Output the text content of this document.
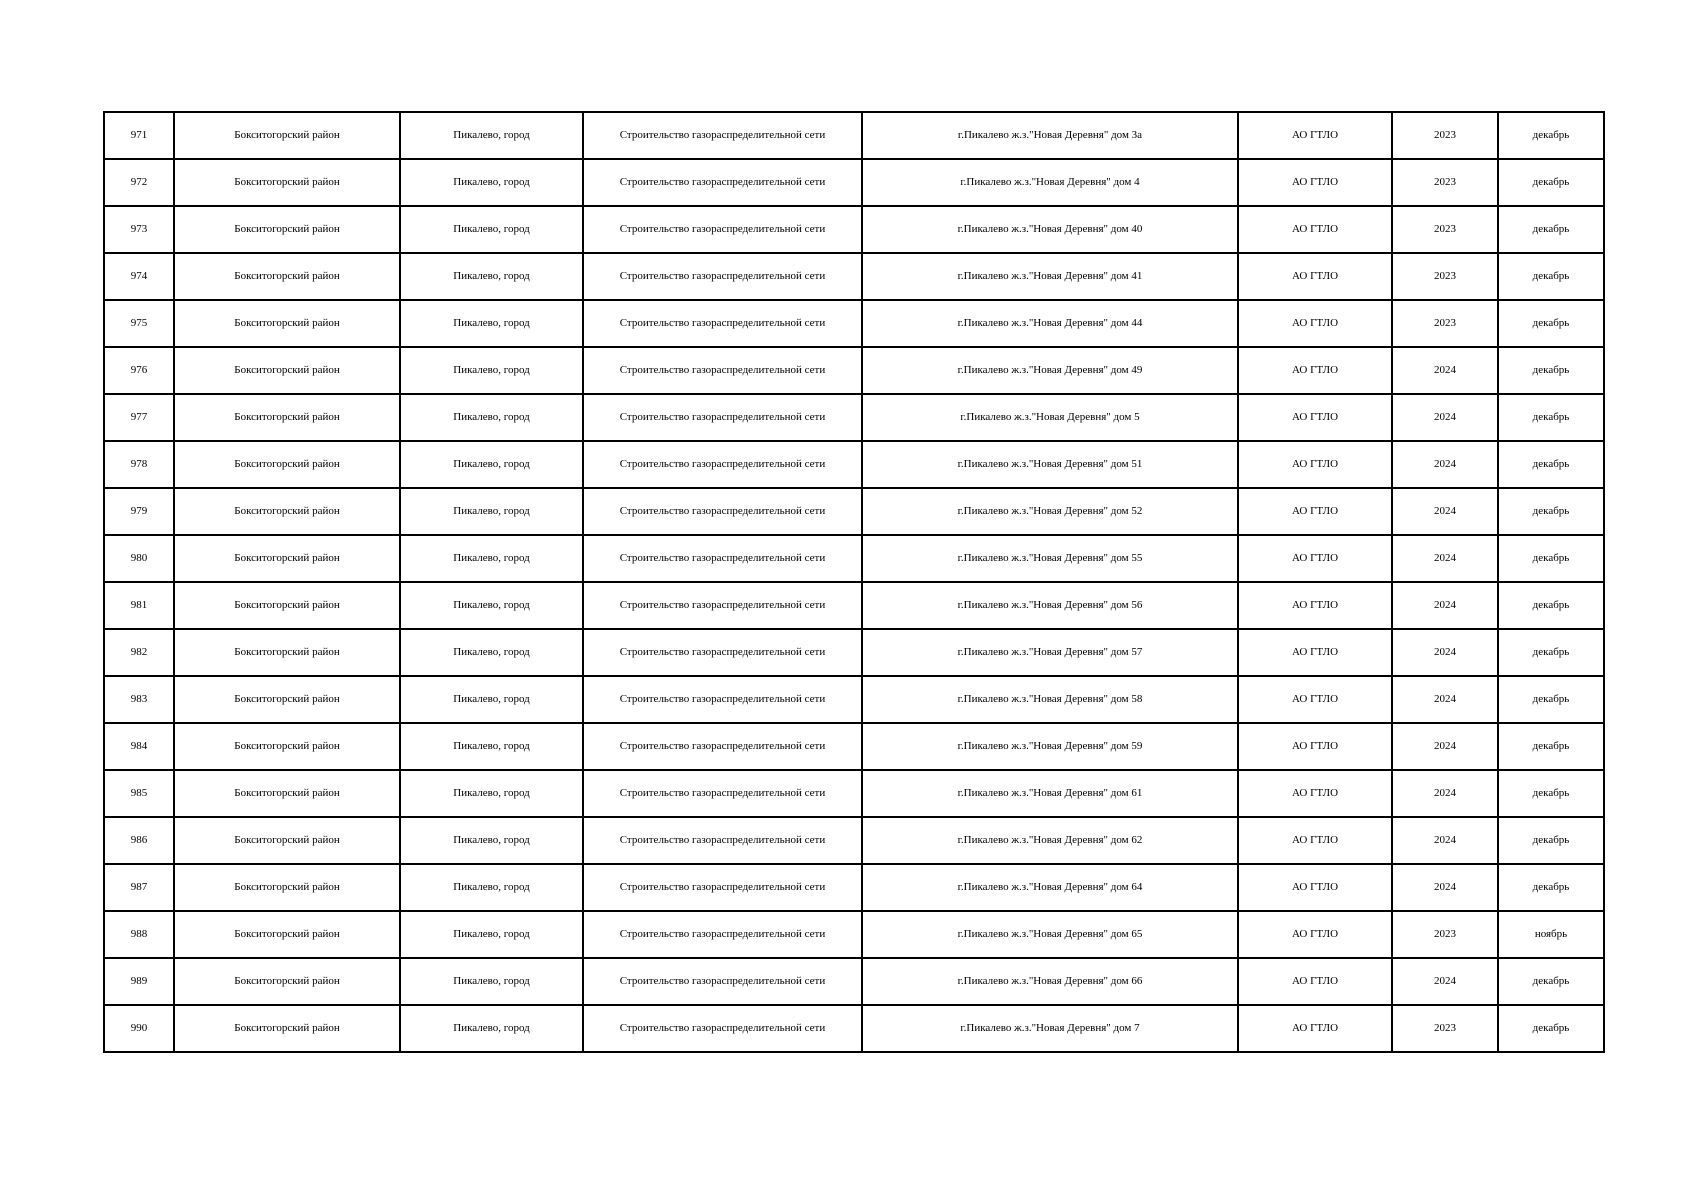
971	Бокситогорский район	Пикалево, город	Строительство газораспределительной сети	г.Пикалево ж.з."Новая Деревня" дом 3а	АО ГТЛО	2023	декабрь
972	Бокситогорский район	Пикалево, город	Строительство газораспределительной сети	г.Пикалево ж.з."Новая Деревня" дом 4	АО ГТЛО	2023	декабрь
973	Бокситогорский район	Пикалево, город	Строительство газораспределительной сети	г.Пикалево ж.з."Новая Деревня" дом 40	АО ГТЛО	2023	декабрь
974	Бокситогорский район	Пикалево, город	Строительство газораспределительной сети	г.Пикалево ж.з."Новая Деревня" дом 41	АО ГТЛО	2023	декабрь
975	Бокситогорский район	Пикалево, город	Строительство газораспределительной сети	г.Пикалево ж.з."Новая Деревня" дом 44	АО ГТЛО	2023	декабрь
976	Бокситогорский район	Пикалево, город	Строительство газораспределительной сети	г.Пикалево ж.з."Новая Деревня" дом 49	АО ГТЛО	2024	декабрь
977	Бокситогорский район	Пикалево, город	Строительство газораспределительной сети	г.Пикалево ж.з."Новая Деревня" дом 5	АО ГТЛО	2024	декабрь
978	Бокситогорский район	Пикалево, город	Строительство газораспределительной сети	г.Пикалево ж.з."Новая Деревня" дом 51	АО ГТЛО	2024	декабрь
979	Бокситогорский район	Пикалево, город	Строительство газораспределительной сети	г.Пикалево ж.з."Новая Деревня" дом 52	АО ГТЛО	2024	декабрь
980	Бокситогорский район	Пикалево, город	Строительство газораспределительной сети	г.Пикалево ж.з."Новая Деревня" дом 55	АО ГТЛО	2024	декабрь
981	Бокситогорский район	Пикалево, город	Строительство газораспределительной сети	г.Пикалево ж.з."Новая Деревня" дом 56	АО ГТЛО	2024	декабрь
982	Бокситогорский район	Пикалево, город	Строительство газораспределительной сети	г.Пикалево ж.з."Новая Деревня" дом 57	АО ГТЛО	2024	декабрь
983	Бокситогорский район	Пикалево, город	Строительство газораспределительной сети	г.Пикалево ж.з."Новая Деревня" дом 58	АО ГТЛО	2024	декабрь
984	Бокситогорский район	Пикалево, город	Строительство газораспределительной сети	г.Пикалево ж.з."Новая Деревня" дом 59	АО ГТЛО	2024	декабрь
985	Бокситогорский район	Пикалево, город	Строительство газораспределительной сети	г.Пикалево ж.з."Новая Деревня" дом 61	АО ГТЛО	2024	декабрь
986	Бокситогорский район	Пикалево, город	Строительство газораспределительной сети	г.Пикалево ж.з."Новая Деревня" дом 62	АО ГТЛО	2024	декабрь
987	Бокситогорский район	Пикалево, город	Строительство газораспределительной сети	г.Пикалево ж.з."Новая Деревня" дом 64	АО ГТЛО	2024	декабрь
988	Бокситогорский район	Пикалево, город	Строительство газораспределительной сети	г.Пикалево ж.з."Новая Деревня" дом 65	АО ГТЛО	2023	ноябрь
989	Бокситогорский район	Пикалево, город	Строительство газораспределительной сети	г.Пикалево ж.з."Новая Деревня" дом 66	АО ГТЛО	2024	декабрь
990	Бокситогорский район	Пикалево, город	Строительство газораспределительной сети	г.Пикалево ж.з."Новая Деревня" дом 7	АО ГТЛО	2023	декабрь
